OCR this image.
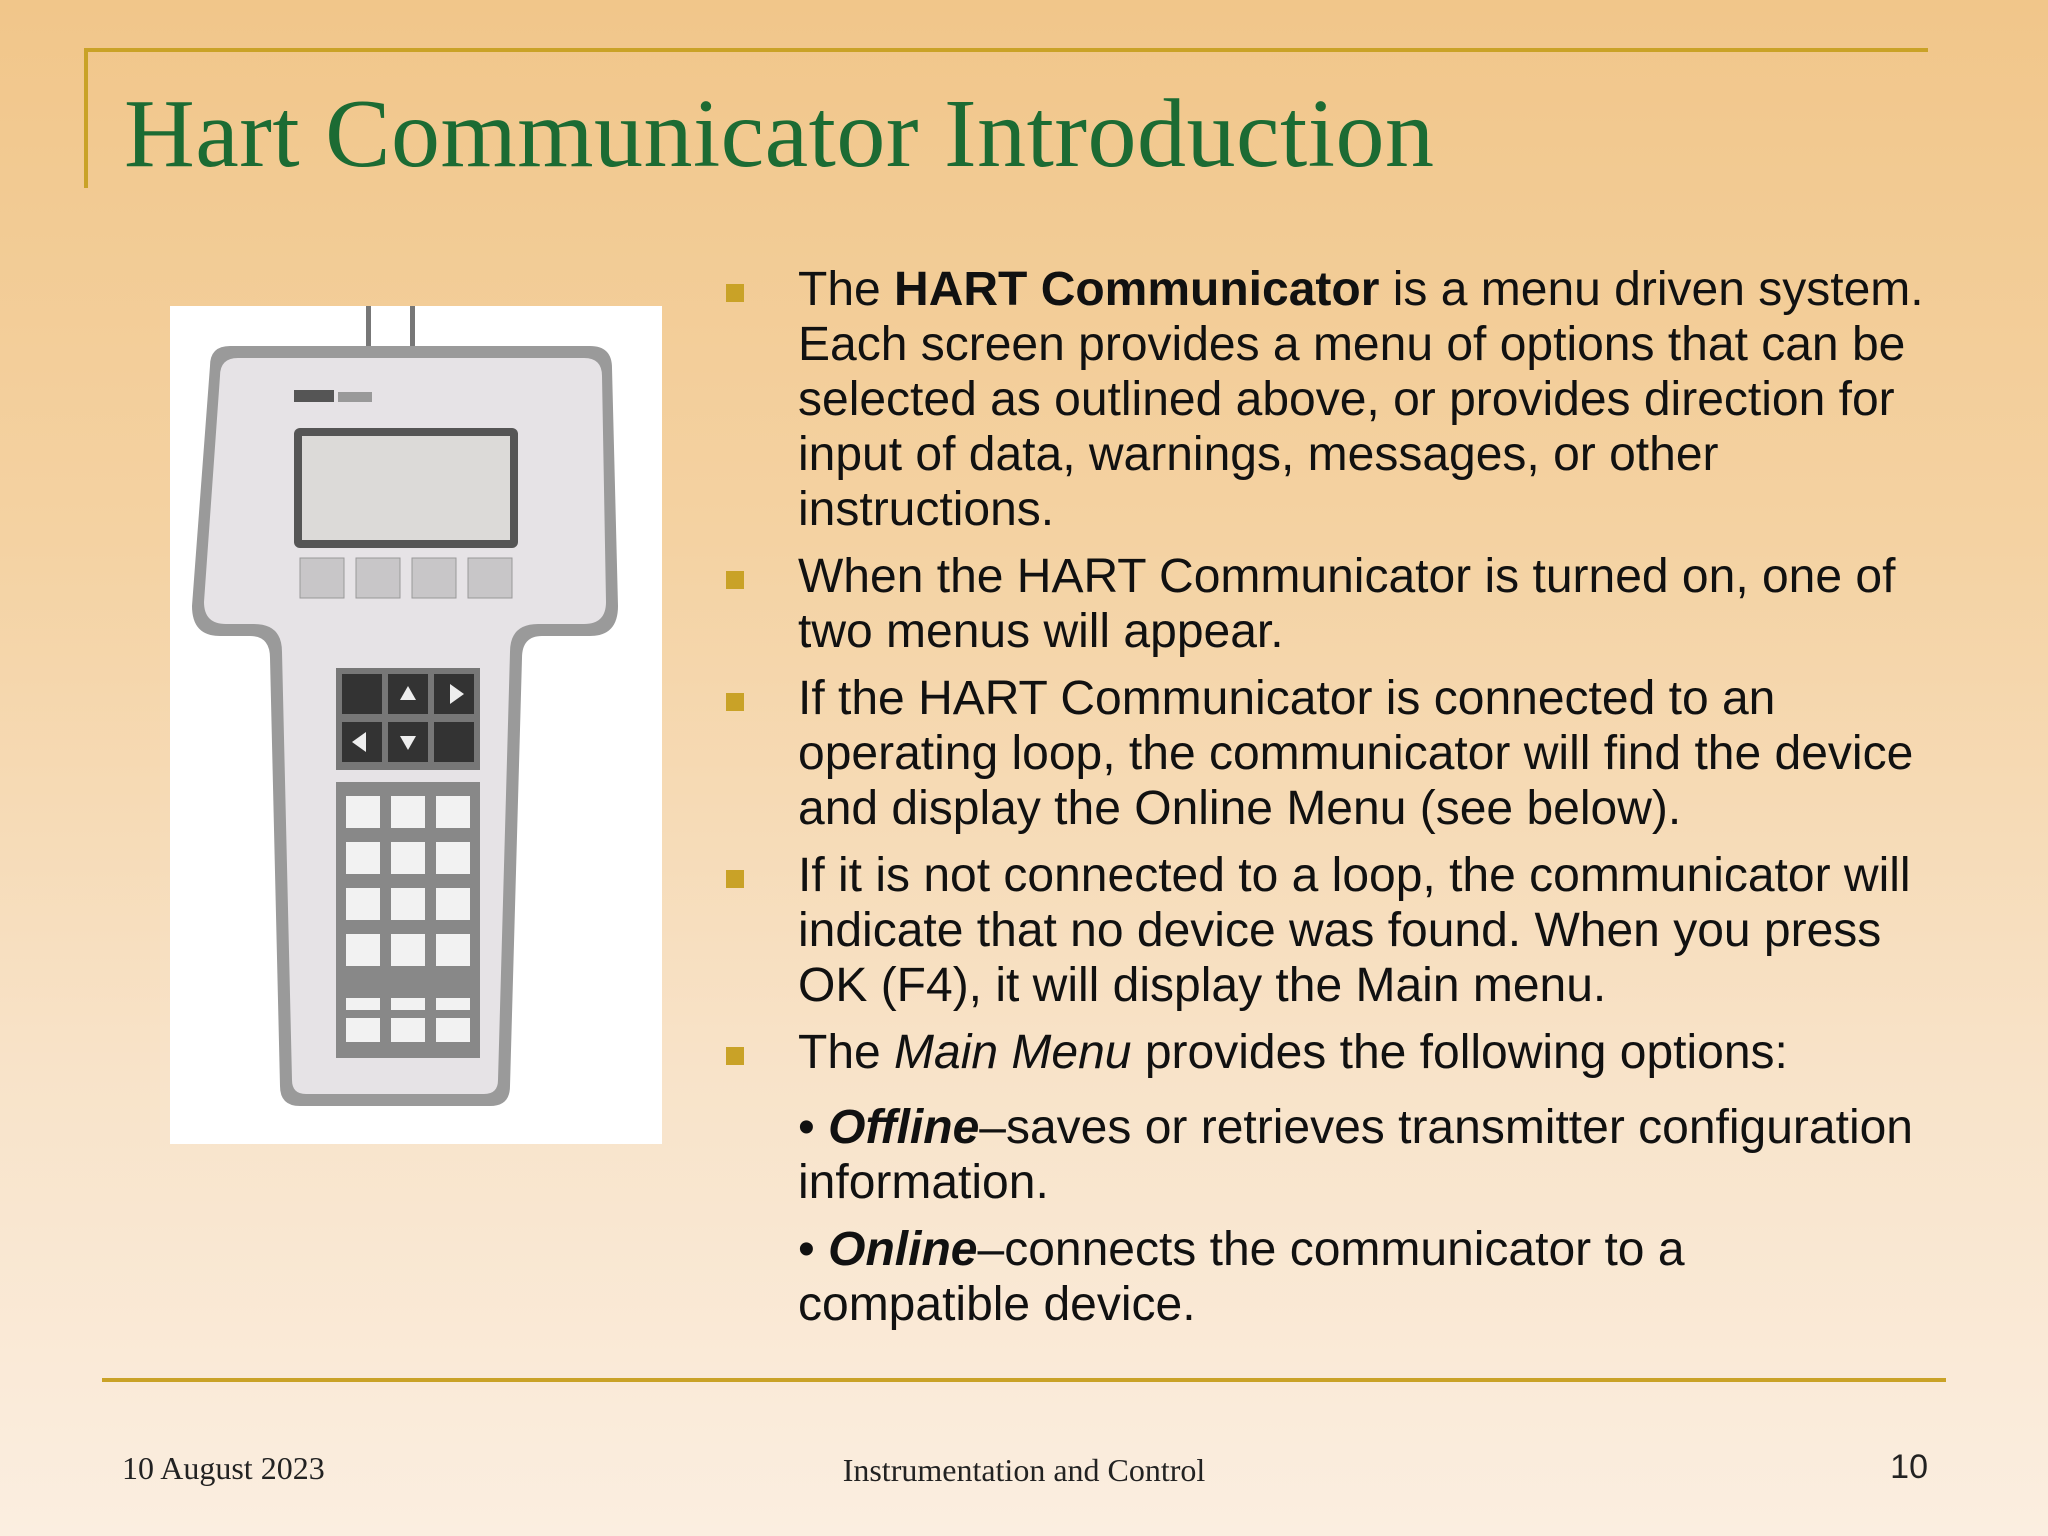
Hart Communicator Introduction
The HART Communicator is a menu driven system. Each screen provides a menu of options that can be selected as outlined above, or provides direction for input of data, warnings, messages, or other instructions.
When the HART Communicator is turned on, one of two menus will appear.
If the HART Communicator is connected to an operating loop, the communicator will find the device and display the Online Menu (see below).
If it is not connected to a loop, the communicator will indicate that no device was found. When you press OK (F4), it will display the Main menu.
The Main Menu provides the following options:
• Offline–saves or retrieves transmitter configuration information.
• Online–connects the communicator to a compatible device.
10 August 2023	Instrumentation and Control	10
